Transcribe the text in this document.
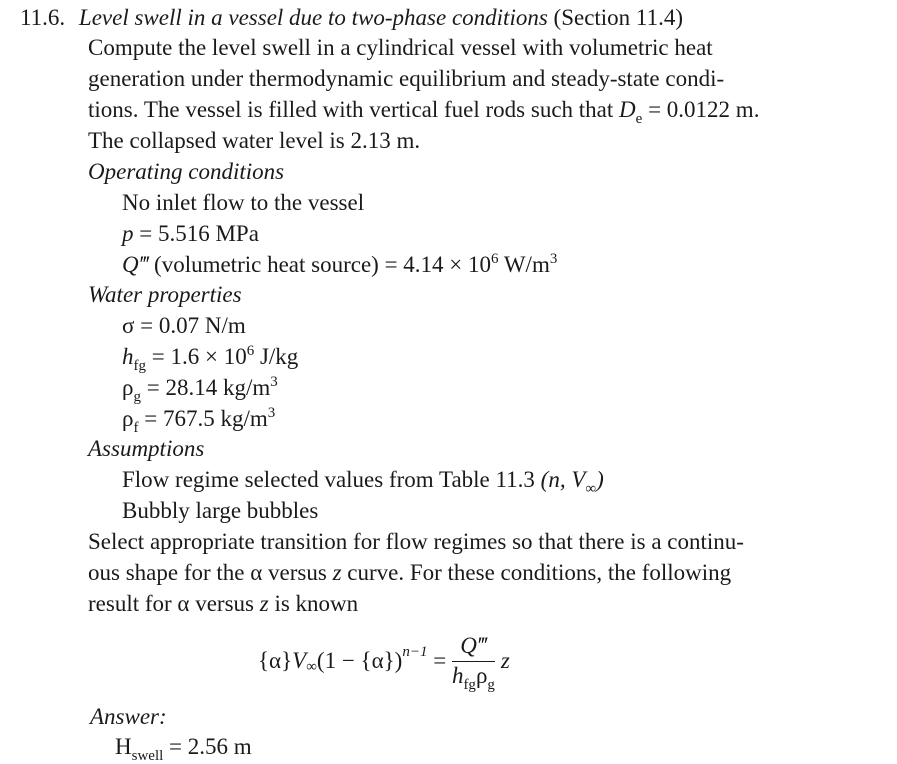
11.6. Level swell in a vessel due to two-phase conditions (Section 11.4)
Compute the level swell in a cylindrical vessel with volumetric heat
generation under thermodynamic equilibrium and steady-state condi-
tions. The vessel is filled with vertical fuel rods such that $D_e = 0.0122$ m.
The collapsed water level is 2.13 m.
Operating conditions
No inlet flow to the vessel
p = 5.516 MPa
Q‴ (volumetric heat source) = $4.14 \times 10^6$ $W/m^3$
Water properties
σ = 0.07 N/m
$h_{fg} = 1.6 \times 10^6$ J/kg
$\rho_g = 28.14$ $kg/m^3$
$\rho_f = 767.5$ $kg/m^3$
Assumptions
Flow regime selected values from Table 11.3 (n, $V_\infty$)
Bubbly large bubbles
Select appropriate transition for flow regimes so that there is a continu-
ous shape for the α versus z curve. For these conditions, the following
result for α versus z is known
{α} $V_\infty$ $(1 - \{\alpha\})^{n-1} = \frac{Q‴}{h_{fg}\rho_g}$ z
Answer:
$H_{swell} = 2.56$ m
